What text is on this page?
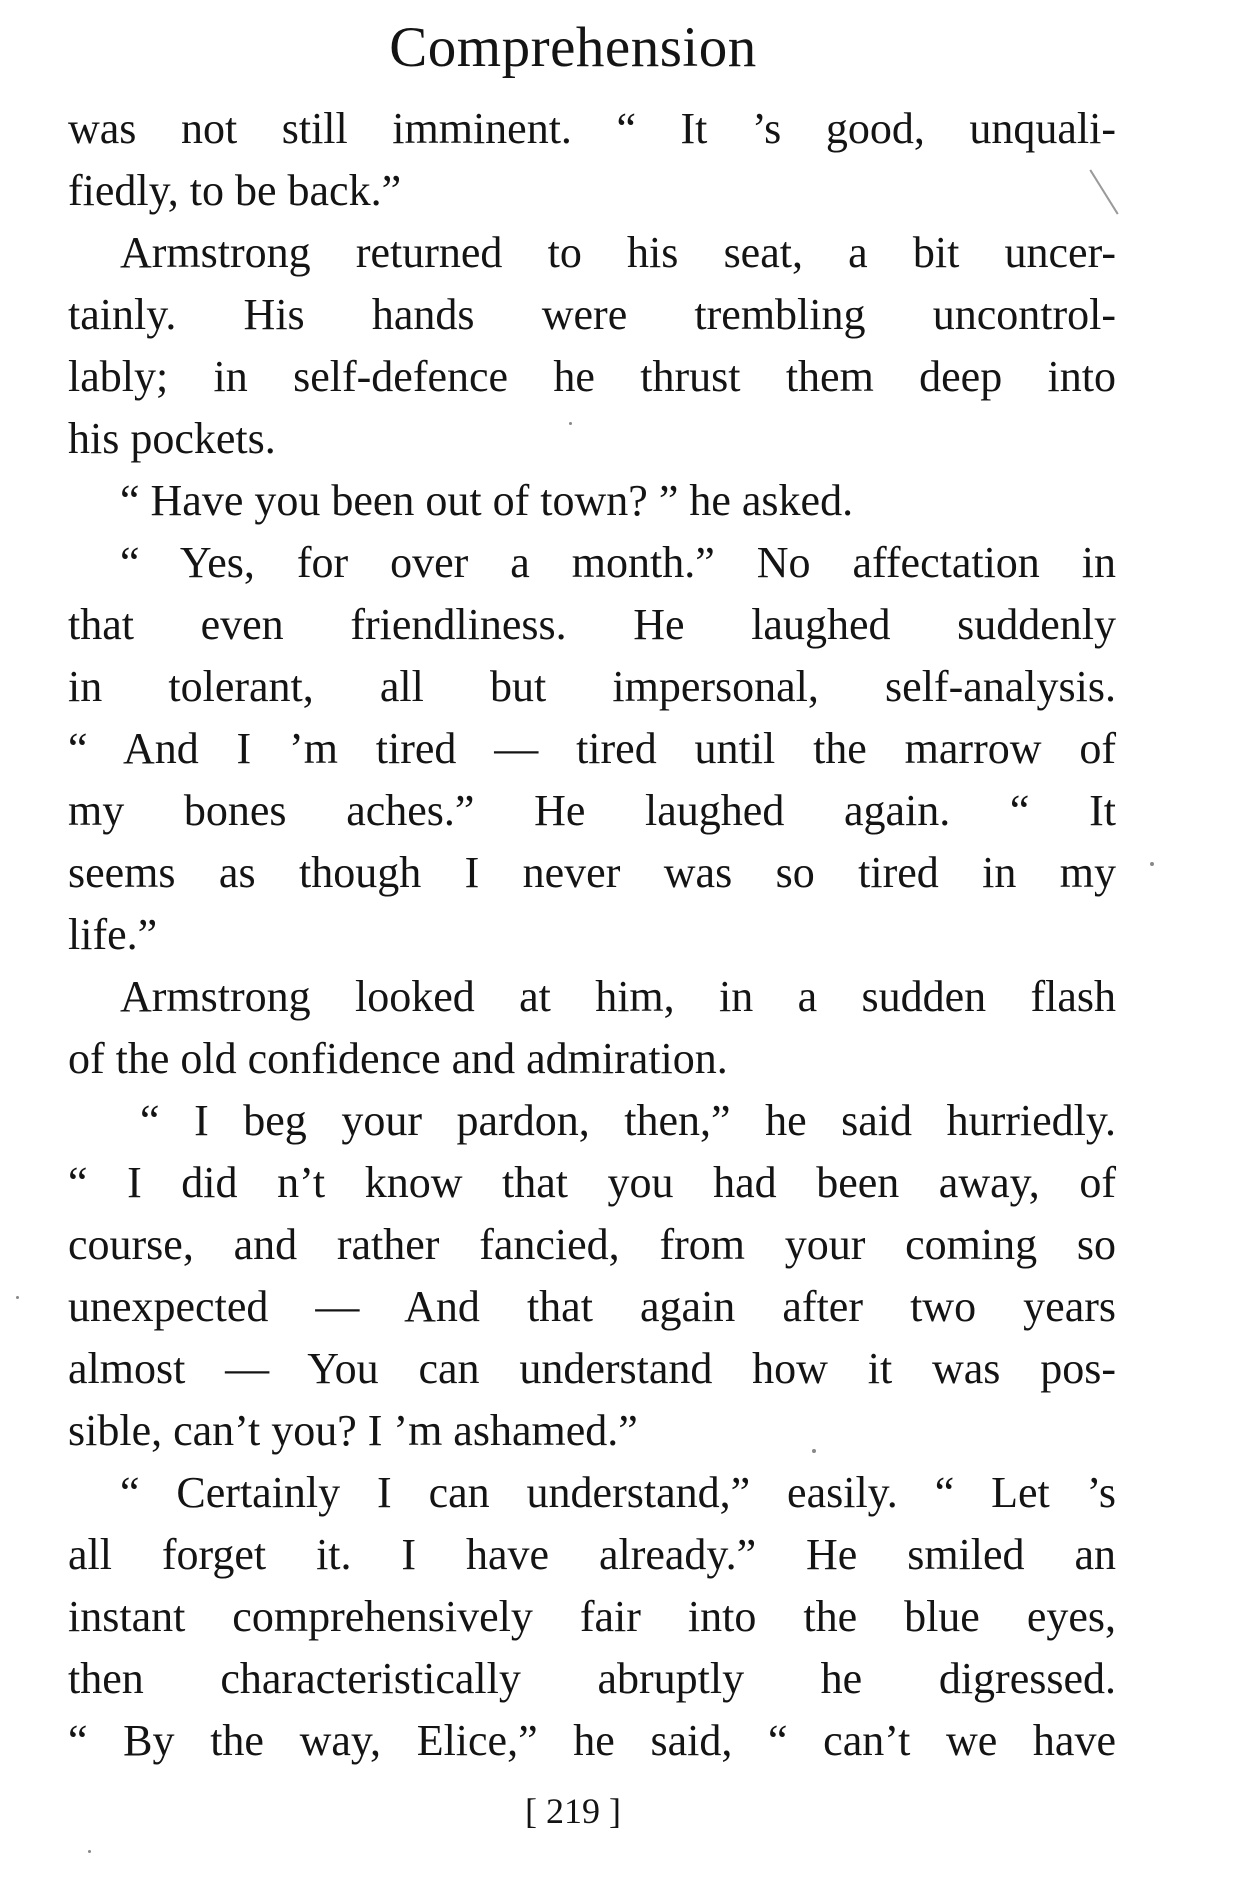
Comprehension
was not still imminent. “ It ’s good, unquali-
fiedly, to be back.”
Armstrong returned to his seat, a bit uncer-
tainly. His hands were trembling uncontrol-
lably; in self-defence he thrust them deep into
his pockets.
“ Have you been out of town? ” he asked.
“ Yes, for over a month.” No affectation in
that even friendliness. He laughed suddenly
in tolerant, all but impersonal, self-analysis.
“ And I ’m tired — tired until the marrow of
my bones aches.” He laughed again. “ It
seems as though I never was so tired in my
life.”
Armstrong looked at him, in a sudden flash
of the old confidence and admiration.
“ I beg your pardon, then,” he said hurriedly.
“ I did n’t know that you had been away, of
course, and rather fancied, from your coming so
unexpected — And that again after two years
almost — You can understand how it was pos-
sible, can’t you? I ’m ashamed.”
“ Certainly I can understand,” easily. “ Let ’s
all forget it. I have already.” He smiled an
instant comprehensively fair into the blue eyes,
then characteristically abruptly he digressed.
“ By the way, Elice,” he said, “ can’t we have
[ 219 ]
